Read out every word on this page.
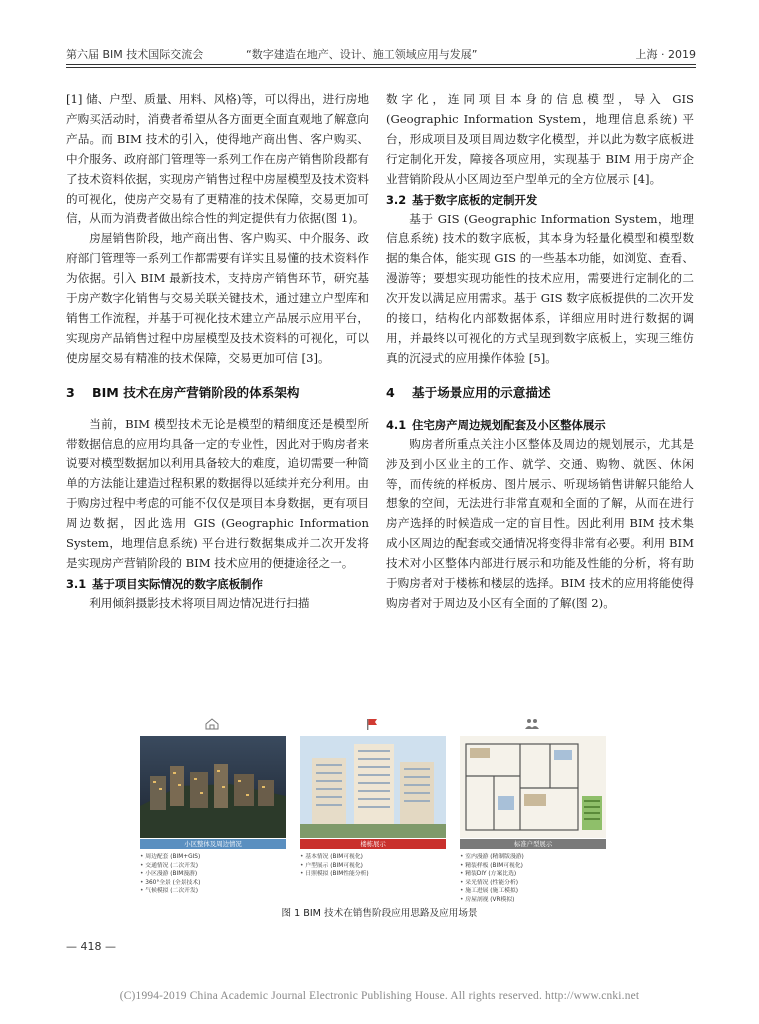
第六届 BIM 技术国际交流会	“数字建造在地产、设计、施工领域应用与发展”	上海 · 2019

[1] 储、户型、质量、用料、风格)等，可以得出，进行房地产购买活动时，消费者希望从各方面更全面直观地了解意向产品。而 BIM 技术的引入，使得地产商出售、客户购买、中介服务、政府部门管理等一系列工作在房产销售阶段都有了技术资料依据，实现房产销售过程中房屋模型及技术资料的可视化，使房产交易有了更精准的技术保障，交易更加可信，从而为消费者做出综合性的判定提供有力依据(图 1)。

房屋销售阶段，地产商出售、客户购买、中介服务、政府部门管理等一系列工作都需要有详实且易懂的技术资料作为依据。引入 BIM 最新技术，支持房产销售环节，研究基于房产数字化销售与交易关联关键技术，通过建立户型库和销售工作流程，并基于可视化技术建立产品展示应用平台，实现房产品销售过程中房屋模型及技术资料的可视化，可以使房屋交易有精准的技术保障，交易更加可信 [3]。

3 BIM 技术在房产营销阶段的体系架构

当前，BIM 模型技术无论是模型的精细度还是模型所带数据信息的应用均具备一定的专业性，因此对于购房者来说要对模型数据加以利用具备较大的难度，追切需要一种简单的方法能让建造过程积累的数据得以延续并充分利用。由于购房过程中考虑的可能不仅仅是项目本身数据，更有项目周边数据，因此选用 GIS (Geographic Information System，地理信息系统) 平台进行数据集成并二次开发将是实现房产营销阶段的 BIM 技术应用的便捷途径之一。

3.1 基于项目实际情况的数字底板制作

利用倾斜摄影技术将项目周边情况进行扫描

数字化，连同项目本身的信息模型，导入 GIS (Geographic Information System，地理信息系统) 平台，形成项目及项目周边数字化模型，并以此为数字底板进行定制化开发，障接各项应用，实现基于 BIM 用于房产企业营销阶段从小区周边至户型单元的全方位展示 [4]。

3.2 基于数字底板的定制开发

基于 GIS (Geographic Information System，地理信息系统) 技术的数字底板，其本身为轻量化模型和模型数据的集合体，能实现 GIS 的一些基本功能，如浏览、查看、漫游等；要想实现功能性的技术应用，需要进行定制化的二次开发以满足应用需求。基于 GIS 数字底板提供的二次开发的接口，结构化内部数据体系，详细应用时进行数据的调用，并最终以可视化的方式呈现到数字底板上，实现三维仿真的沉浸式的应用操作体验 [5]。

4 基于场景应用的示意描述
4.1 住宅房产周边规划配套及小区整体展示

购房者所重点关注小区整体及周边的规划展示，尤其是涉及到小区业主的工作、就学、交通、购物、就医、休闲等，而传统的样板房、图片展示、听现场销售讲解只能给人想象的空间，无法进行非常直观和全面的了解，从而在进行房产选择的时候造成一定的盲目性。因此利用 BIM 技术集成小区周边的配套或交通情况将变得非常有必要。利用 BIM 技术对小区整体内部进行展示和功能及性能的分析，将有助于购房者对于楼栋和楼层的选择。BIM 技术的应用将能使得购房者对于周边及小区有全面的了解(图 2)。

小区整体及周边情况
• 周边配套 (BIM+GIS)
• 交通情况 (二次开发)
• 小区漫游 (BIM漫游)
• 360°全景 (全景技术)
• 气候模拟 (二次开发)
楼栋展示
• 基本情况 (BIM可视化)
• 户型展示 (BIM可视化)
• 日照模拟 (BIM性能分析)
标准户型展示
• 室内漫游 (精制版漫游)
• 精装样板 (BIM可视化)
• 精装DIY (方案比选)
• 采光情况 (性能分析)
• 施工进展 (施工模拟)
• 房屋剖视 (VR模拟)
图 1 BIM 技术在销售阶段应用思路及应用场景
— 418 —
(C)1994-2019 China Academic Journal Electronic Publishing House. All rights reserved. http://www.cnki.net
